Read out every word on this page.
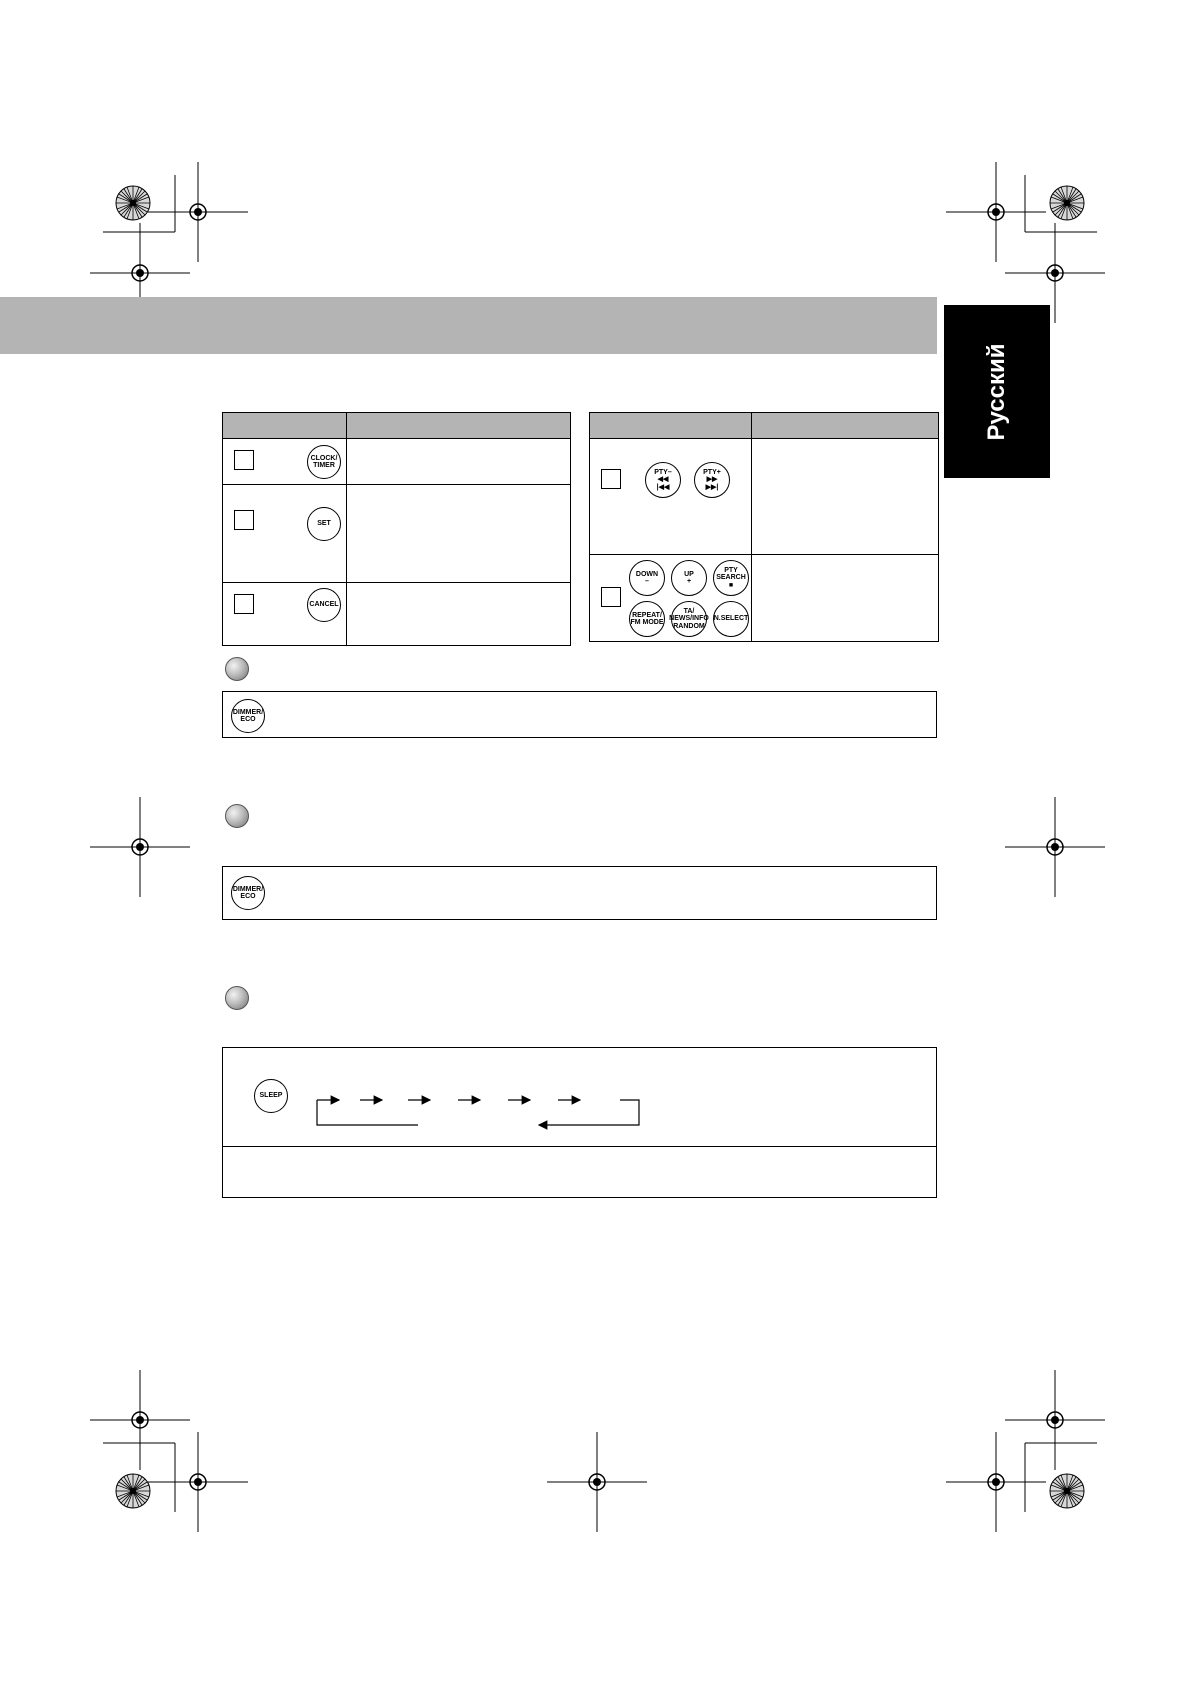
Русский
CLOCK/
TIMER
SET
CANCEL
PTY–
◀◀
|◀◀
PTY+
▶▶
▶▶|
DOWN
–
UP
+
PTY
SEARCH
■
REPEAT/
FM MODE
TA/
NEWS/INFO
RANDOM
N.SELECT
DIMMER/
ECO
DIMMER/
ECO
SLEEP
